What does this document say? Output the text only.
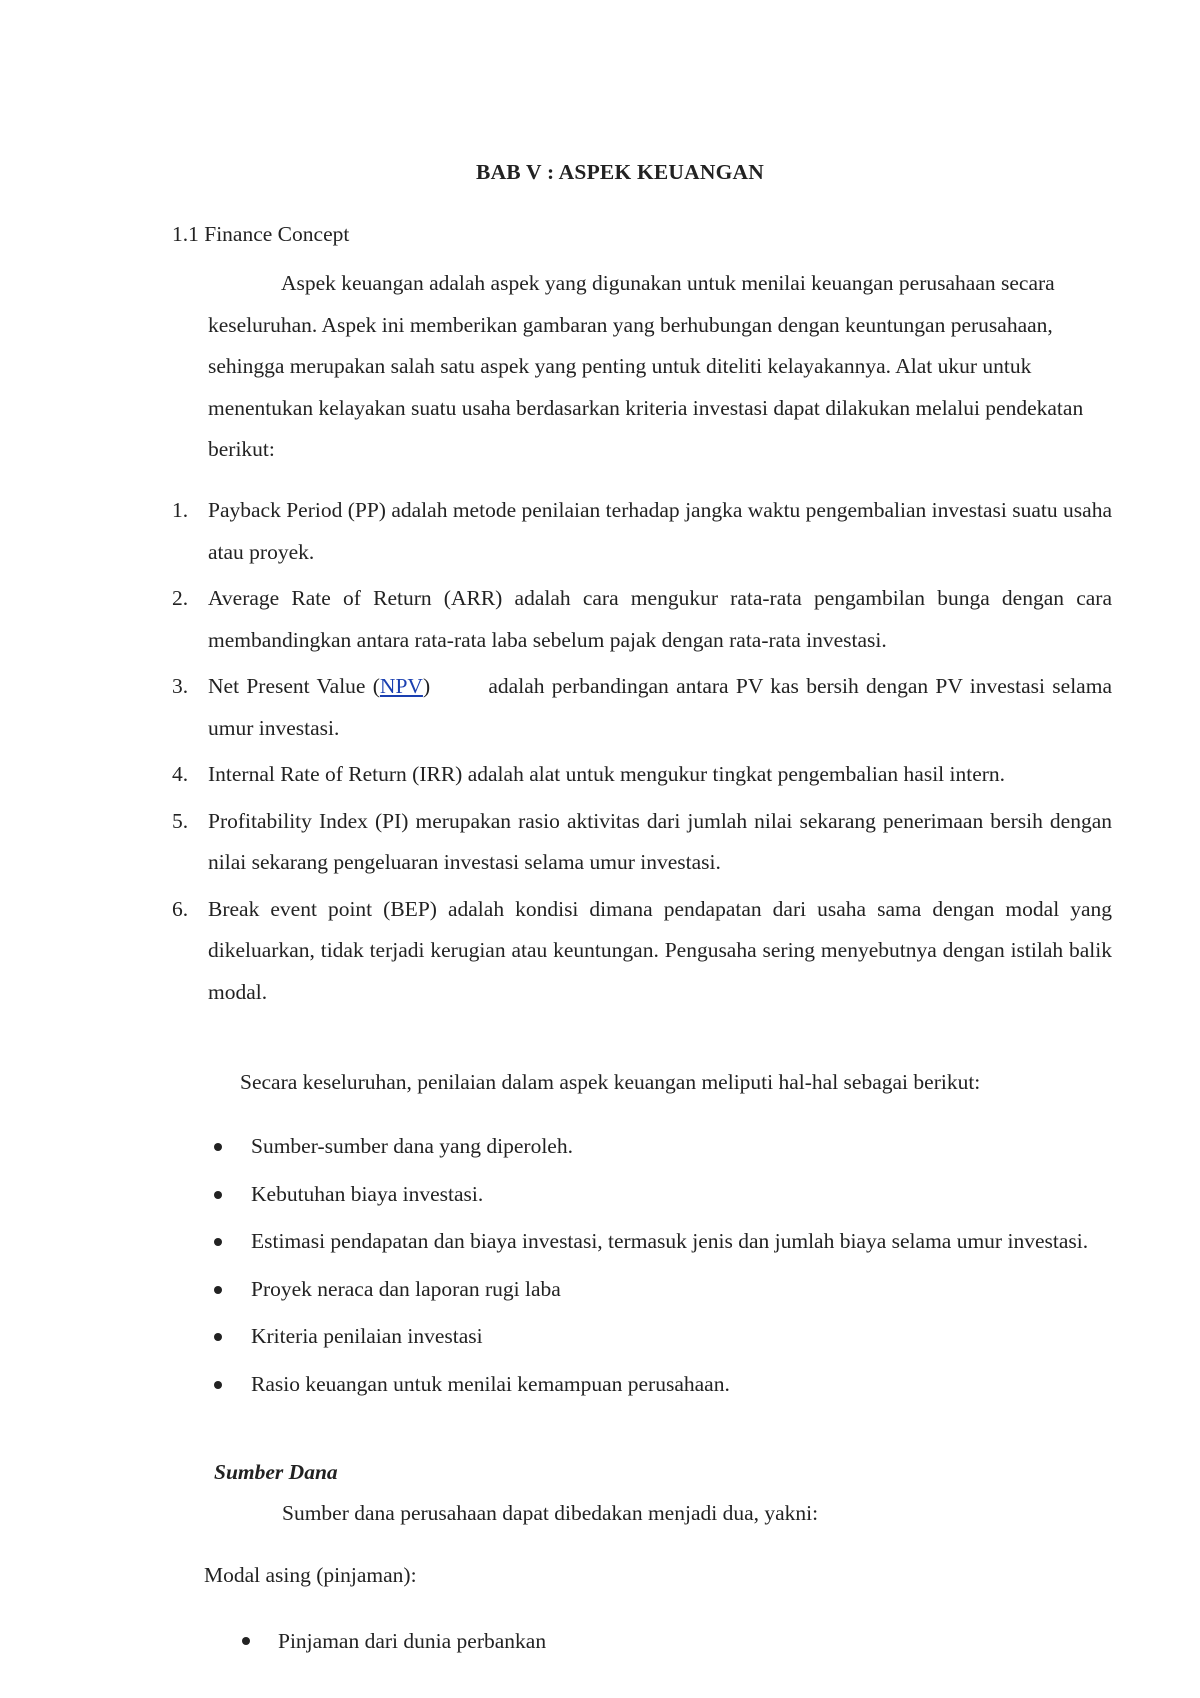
BAB V : ASPEK KEUANGAN
1.1 Finance Concept

Aspek keuangan adalah aspek yang digunakan untuk menilai keuangan perusahaan secara keseluruhan. Aspek ini memberikan gambaran yang berhubungan dengan keuntungan perusahaan, sehingga merupakan salah satu aspek yang penting untuk diteliti kelayakannya. Alat ukur untuk menentukan kelayakan suatu usaha berdasarkan kriteria investasi dapat dilakukan melalui pendekatan berikut:

1. Payback Period (PP) adalah metode penilaian terhadap jangka waktu pengembalian investasi suatu usaha atau proyek.
2. Average Rate of Return (ARR) adalah cara mengukur rata-rata pengambilan bunga dengan cara membandingkan antara rata-rata laba sebelum pajak dengan rata-rata investasi.
3. Net Present Value (NPV)        adalah perbandingan antara PV kas bersih dengan PV investasi selama umur investasi.
4. Internal Rate of Return (IRR) adalah alat untuk mengukur tingkat pengembalian hasil intern.
5. Profitability Index (PI) merupakan rasio aktivitas dari jumlah nilai sekarang penerimaan bersih dengan nilai sekarang pengeluaran investasi selama umur investasi.
6. Break event point (BEP) adalah kondisi dimana pendapatan dari usaha sama dengan modal yang dikeluarkan, tidak terjadi kerugian atau keuntungan. Pengusaha sering menyebutnya dengan istilah balik modal.
Secara keseluruhan, penilaian dalam aspek keuangan meliputi hal-hal sebagai berikut:
Sumber-sumber dana yang diperoleh.
Kebutuhan biaya investasi.
Estimasi pendapatan dan biaya investasi, termasuk jenis dan jumlah biaya selama umur investasi.
Proyek neraca dan laporan rugi laba
Kriteria penilaian investasi
Rasio keuangan untuk menilai kemampuan perusahaan.
Sumber Dana
Sumber dana perusahaan dapat dibedakan menjadi dua, yakni:
Modal asing (pinjaman):
Pinjaman dari dunia perbankan
